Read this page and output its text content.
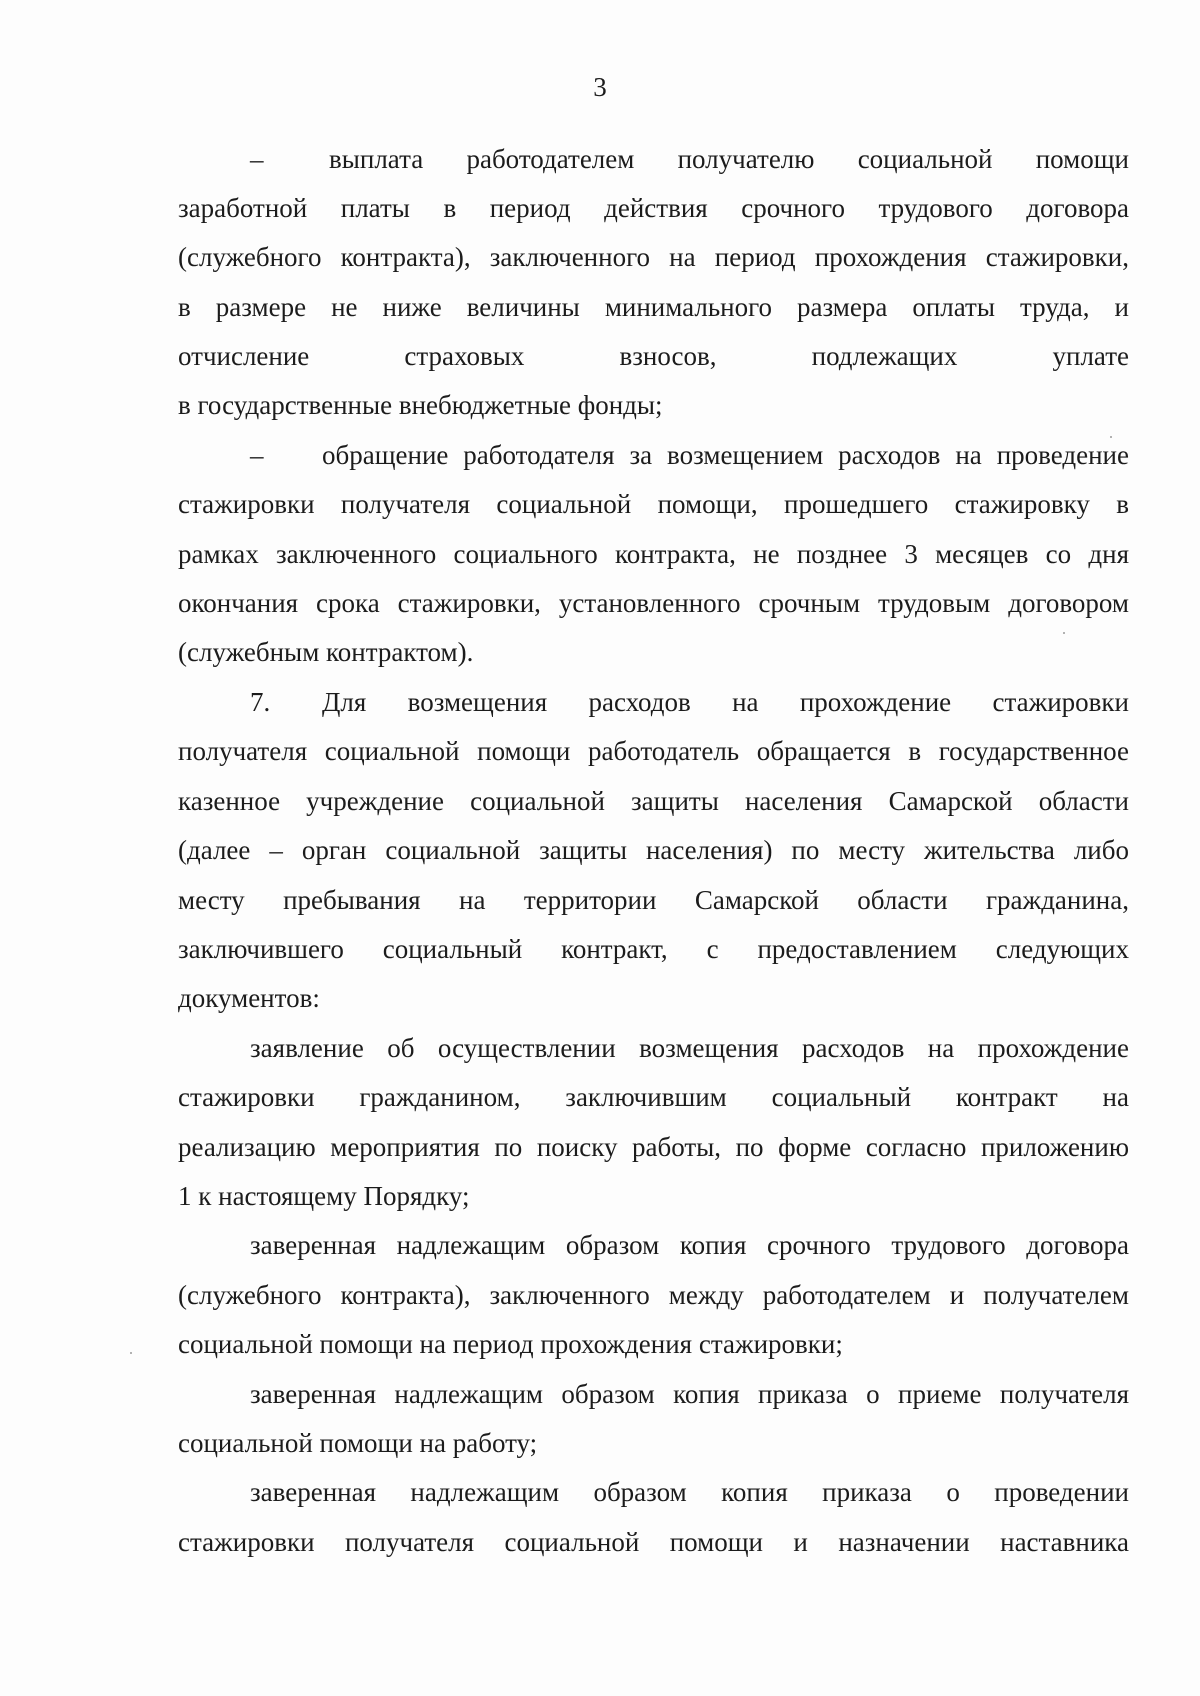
3
– выплата работодателем получателю социальной помощи
заработной платы в период действия срочного трудового договора
(служебного контракта), заключенного на период прохождения стажировки,
в размере не ниже величины минимального размера оплаты труда, и
отчисление страховых взносов, подлежащих уплате
в государственные внебюджетные фонды;
– обращение работодателя за возмещением расходов на проведение
стажировки получателя социальной помощи, прошедшего стажировку в
рамках заключенного социального контракта, не позднее 3 месяцев со дня
окончания срока стажировки, установленного срочным трудовым договором
(служебным контрактом).
7. Для возмещения расходов на прохождение стажировки
получателя социальной помощи работодатель обращается в государственное
казенное учреждение социальной защиты населения Самарской области
(далее – орган социальной защиты населения) по месту жительства либо
месту пребывания на территории Самарской области гражданина,
заключившего социальный контракт, с предоставлением следующих
документов:
заявление об осуществлении возмещения расходов на прохождение
стажировки гражданином, заключившим социальный контракт на
реализацию мероприятия по поиску работы, по форме согласно приложению
1 к настоящему Порядку;
заверенная надлежащим образом копия срочного трудового договора
(служебного контракта), заключенного между работодателем и получателем
социальной помощи на период прохождения стажировки;
заверенная надлежащим образом копия приказа о приеме получателя
социальной помощи на работу;
заверенная надлежащим образом копия приказа о проведении
стажировки получателя социальной помощи и назначении наставника
